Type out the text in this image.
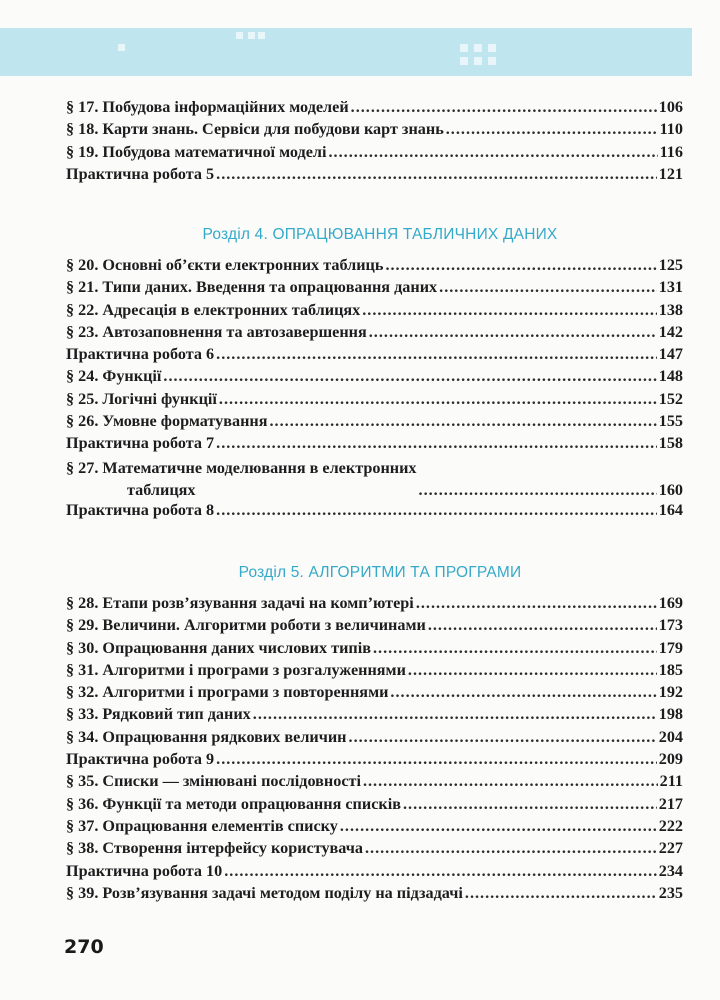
§ 17. Побудова інформаційних моделей .....	106
§ 18. Карти знань. Сервіси для побудови карт знань .....	110
§ 19. Побудова математичної моделі .....	116
Практична робота 5 .....	121
Розділ 4. ОПРАЦЮВАННЯ ТАБЛИЧНИХ ДАНИХ
§ 20. Основні об’єкти електронних таблиць .....	125
§ 21. Типи даних. Введення та опрацювання даних .....	131
§ 22. Адресація в електронних таблицях .....	138
§ 23. Автозаповнення та автозавершення .....	142
Практична робота 6 .....	147
§ 24. Функції .....	148
§ 25. Логічні функції .....	152
§ 26. Умовне форматування .....	155
Практична робота 7 .....	158
§ 27. Математичне моделювання в електронниx
таблицях .....	160
Практична робота 8 .....	164
Розділ 5. АЛГОРИТМИ ТА ПРОГРАМИ
§ 28. Етапи розв’язування задачі на комп’ютері .....	169
§ 29. Величини. Алгоритми роботи з величинами .....	173
§ 30. Опрацювання даних числових типів .....	179
§ 31. Алгоритми і програми з розгалуженнями .....	185
§ 32. Алгоритми і програми з повтореннями .....	192
§ 33. Рядковий тип даних .....	198
§ 34. Опрацювання рядкових величин .....	204
Практична робота 9 .....	209
§ 35. Списки — змінювані послідовності .....	211
§ 36. Функції та методи опрацювання списків .....	217
§ 37. Опрацювання елементів списку .....	222
§ 38. Створення інтерфейсу користувача .....	227
Практична робота 10 .....	234
§ 39. Розв’язування задачі методом поділу на підзадачі .....	235
270
